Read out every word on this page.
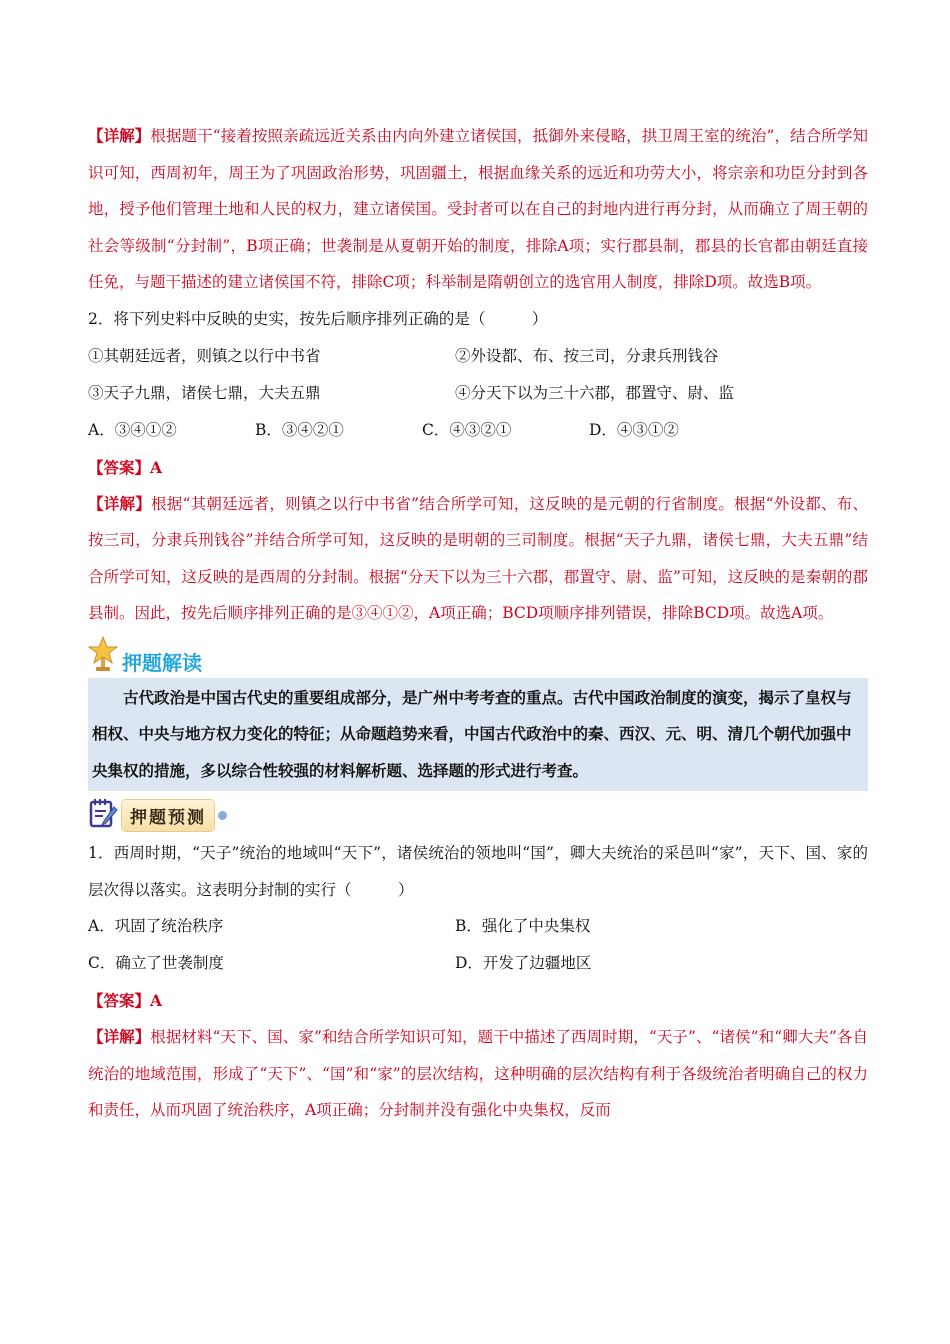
【详解】根据题干“接着按照亲疏远近关系由内向外建立诸侯国，抵御外来侵略，拱卫周王室的统治”，结合所学知识可知，西周初年，周王为了巩固政治形势，巩固疆土，根据血缘关系的远近和功劳大小，将宗亲和功臣分封到各地，授予他们管理土地和人民的权力，建立诸侯国。受封者可以在自己的封地内进行再分封，从而确立了周王朝的社会等级制“分封制”，B项正确；世袭制是从夏朝开始的制度，排除A项；实行郡县制，郡县的长官都由朝廷直接任免，与题干描述的建立诸侯国不符，排除C项；科举制是隋朝创立的选官用人制度，排除D项。故选B项。

2．将下列史料中反映的史实，按先后顺序排列正确的是（　　　）

①其朝廷远者，则镇之以行中书省	②外设都、布、按三司，分隶兵刑钱谷
③天子九鼎，诸侯七鼎，大夫五鼎	④分天下以为三十六郡，郡置守、尉、监
A．③④①②	B．③④②①	C．④③②①	D．④③①②

【答案】A

【详解】根据“其朝廷远者，则镇之以行中书省”结合所学可知，这反映的是元朝的行省制度。根据“外设都、布、按三司，分隶兵刑钱谷”并结合所学可知，这反映的是明朝的三司制度。根据“天子九鼎，诸侯七鼎，大夫五鼎”结合所学可知，这反映的是西周的分封制。根据“分天下以为三十六郡，郡置守、尉、监”可知，这反映的是秦朝的郡县制。因此，按先后顺序排列正确的是③④①②，A项正确；BCD项顺序排列错误，排除BCD项。故选A项。

押题解读

古代政治是中国古代史的重要组成部分，是广州中考考查的重点。古代中国政治制度的演变，揭示了皇权与相权、中央与地方权力变化的特征；从命题趋势来看，中国古代政治中的秦、西汉、元、明、清几个朝代加强中央集权的措施，多以综合性较强的材料解析题、选择题的形式进行考查。

押题预测

1．西周时期，“天子”统治的地域叫“天下”，诸侯统治的领地叫“国”，卿大夫统治的采邑叫“家”，天下、国、家的层次得以落实。这表明分封制的实行（　　　）

A．巩固了统治秩序	B．强化了中央集权
C．确立了世袭制度	D．开发了边疆地区

【答案】A

【详解】根据材料“天下、国、家”和结合所学知识可知，题干中描述了西周时期，“天子”、“诸侯”和“卿大夫”各自统治的地域范围，形成了“天下”、“国”和“家”的层次结构，这种明确的层次结构有利于各级统治者明确自己的权力和责任，从而巩固了统治秩序，A项正确；分封制并没有强化中央集权，反而
